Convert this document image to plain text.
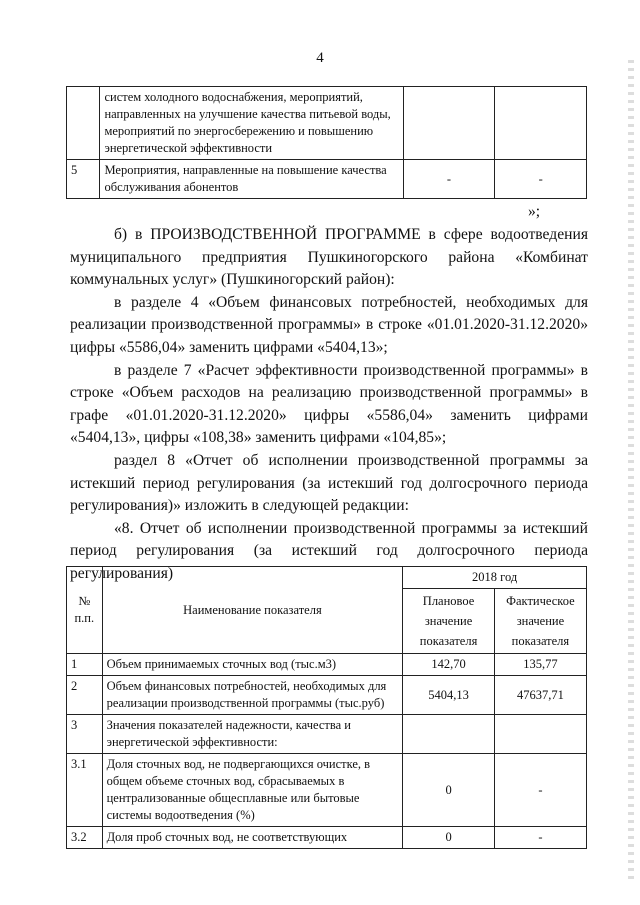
4

	систем холодного водоснабжения, мероприятий,
направленных на улучшение качества питьевой воды,
мероприятий по энергосбережению и повышению
энергетической эффективности		

5	Мероприятия, направленные на повышение качества
обслуживания абонентов	-	-
»;

б) в ПРОИЗВОДСТВЕННОЙ ПРОГРАММЕ в сфере водоотведения муниципального предприятия Пушкиногорского района «Комбинат коммунальных услуг» (Пушкиногорский район):

в разделе 4 «Объем финансовых потребностей, необходимых для реализации производственной программы» в строке «01.01.2020-31.12.2020» цифры «5586,04» заменить цифрами «5404,13»;

в разделе 7 «Расчет эффективности производственной программы» в строке «Объем расходов на реализацию производственной программы» в графе «01.01.2020-31.12.2020» цифры «5586,04» заменить цифрами «5404,13», цифры «108,38» заменить цифрами «104,85»;

раздел 8 «Отчет об исполнении производственной программы за истекший период регулирования (за истекший год долгосрочного периода регулирования)» изложить в следующей редакции:

«8. Отчет об исполнении производственной программы за истекший период регулирования (за истекший год долгосрочного периода регулирования)

№ п.п.	Наименование показателя	2018 год	
		Плановое значение показателя	Фактическое значение показателя
1	Объем принимаемых сточных вод (тыс.м3)	142,70	135,77
2	Объем финансовых потребностей, необходимых для реализации производственной программы (тыс.руб)	5404,13	47637,71
3	Значения показателей надежности, качества и энергетической эффективности:		
3.1	Доля сточных вод, не подвергающихся очистке, в общем объеме сточных вод, сбрасываемых в централизованные общесплавные или бытовые системы водоотведения (%)	0	-
3.2	Доля проб сточных вод, не соответствующих	0	-
